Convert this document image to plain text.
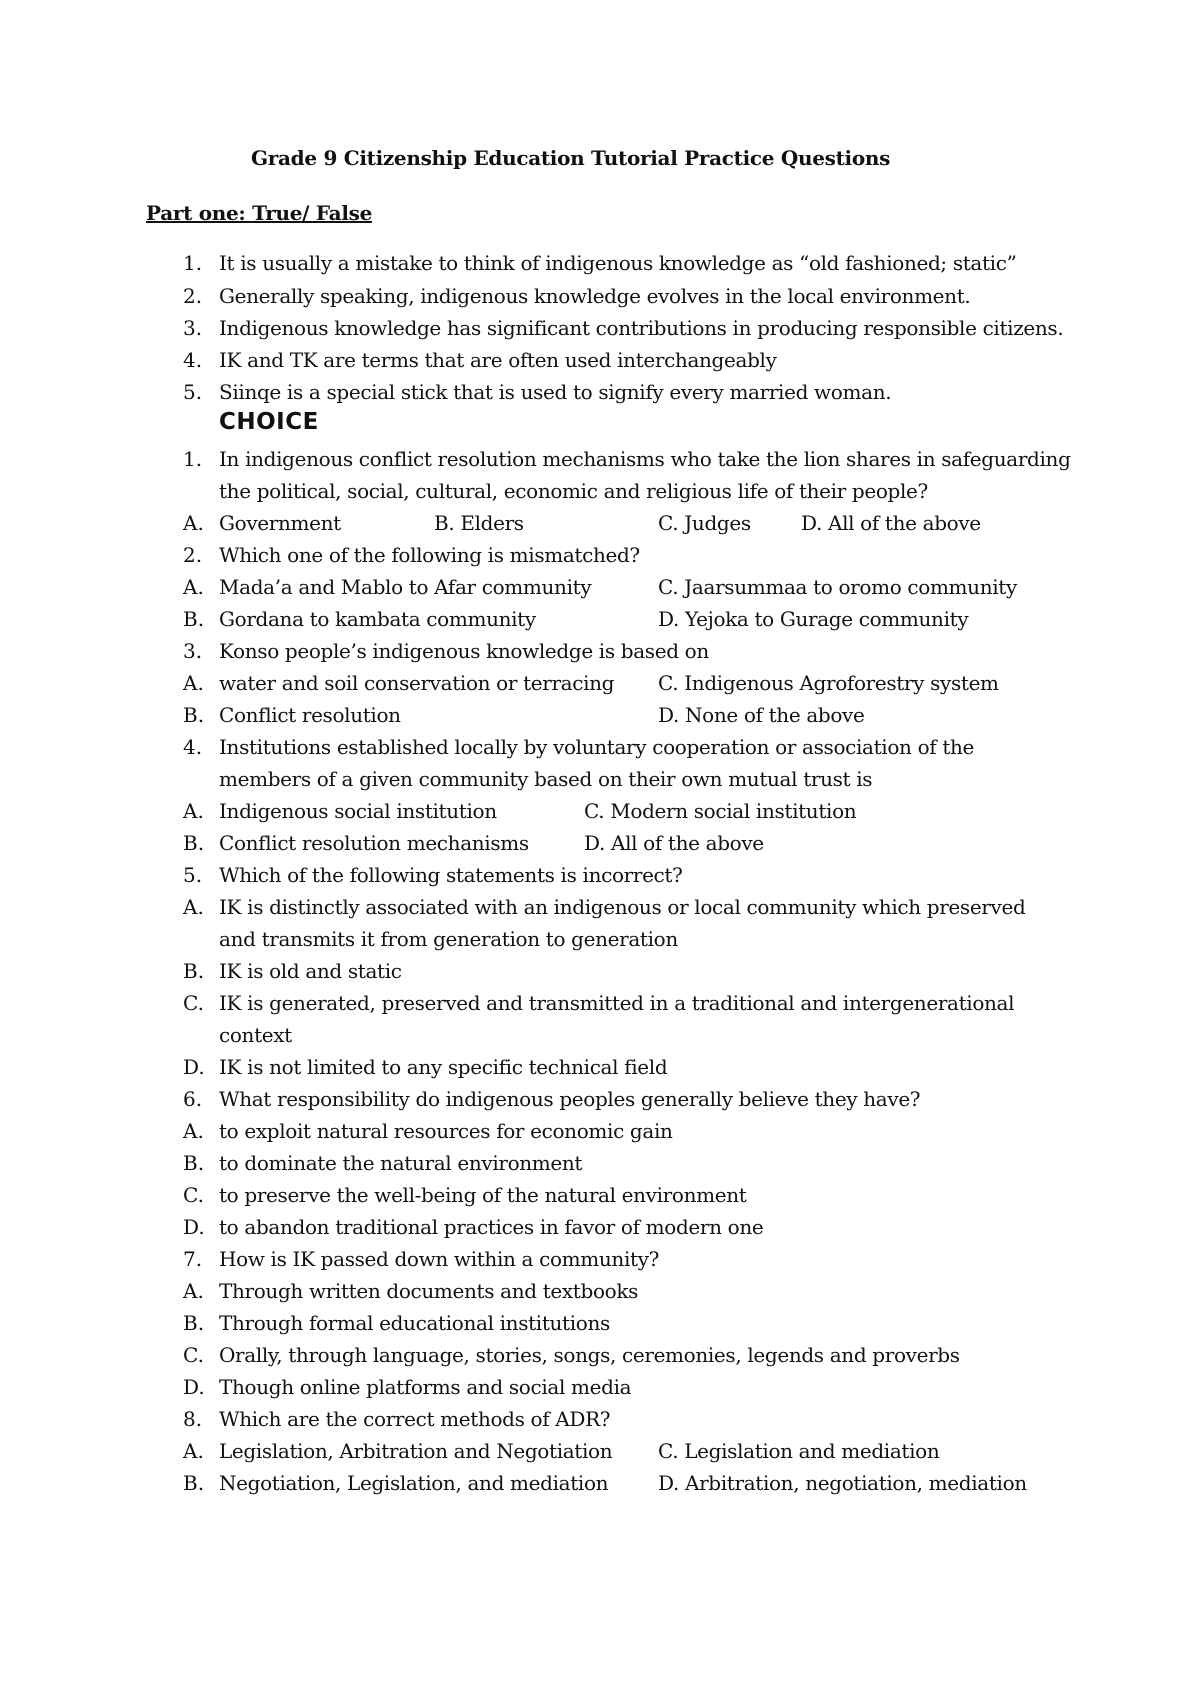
Grade 9 Citizenship Education Tutorial Practice Questions
Part one: True/ False
1. It is usually a mistake to think of indigenous knowledge as “old fashioned; static”
2. Generally speaking, indigenous knowledge evolves in the local environment.
3. Indigenous knowledge has significant contributions in producing responsible citizens.
4. IK and TK are terms that are often used interchangeably
5. Siinqe is a special stick that is used to signify every married woman.
CHOICE
1. In indigenous conflict resolution mechanisms who take the lion shares in safeguarding
the political, social, cultural, economic and religious life of their people?
A. Government	B. Elders	C. Judges	D. All of the above
2. Which one of the following is mismatched?
A. Mada’a and Mablo to Afar community	C. Jaarsummaa to oromo community
B. Gordana to kambata community	D. Yejoka to Gurage community
3. Konso people’s indigenous knowledge is based on
A. water and soil conservation or terracing C. Indigenous Agroforestry system
B. Conflict resolution	D. None of the above
4. Institutions established locally by voluntary cooperation or association of the
members of a given community based on their own mutual trust is
A. Indigenous social institution	C. Modern social institution
B. Conflict resolution mechanisms	D. All of the above
5. Which of the following statements is incorrect?
A. IK is distinctly associated with an indigenous or local community which preserved
and transmits it from generation to generation
B. IK is old and static
C. IK is generated, preserved and transmitted in a traditional and intergenerational
context
D. IK is not limited to any specific technical field
6. What responsibility do indigenous peoples generally believe they have?
A. to exploit natural resources for economic gain
B. to dominate the natural environment
C. to preserve the well-being of the natural environment
D. to abandon traditional practices in favor of modern one
7. How is IK passed down within a community?
A. Through written documents and textbooks
B. Through formal educational institutions
C. Orally, through language, stories, songs, ceremonies, legends and proverbs
D. Though online platforms and social media
8. Which are the correct methods of ADR?
A. Legislation, Arbitration and Negotiation C. Legislation and mediation
B. Negotiation, Legislation, and mediation D. Arbitration, negotiation, mediation
